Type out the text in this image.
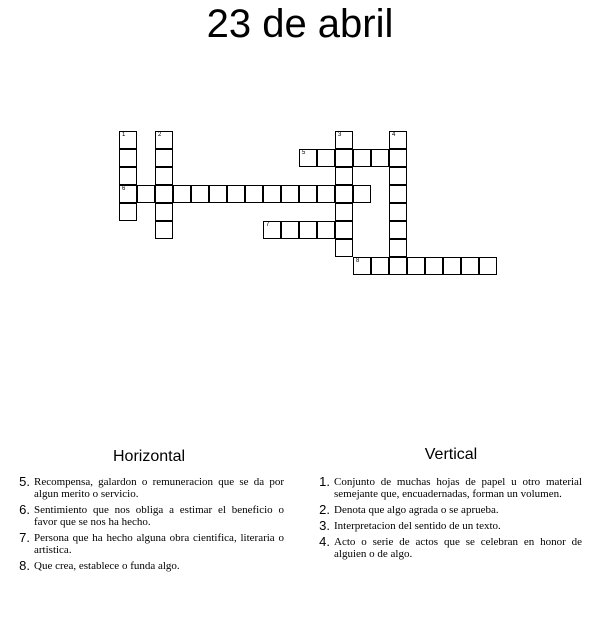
23 de abril
1
6
2
5
3	4
7
8
Horizontal
5. Recompensa, galardon o remuneracion que se da por algun merito o servicio.
6. Sentimiento que nos obliga a estimar el beneficio o favor que se nos ha hecho.
7. Persona que ha hecho alguna obra cientifica, literaria o artistica.
8. Que crea, establece o funda algo.
Vertical
1. Conjunto de muchas hojas de papel u otro material semejante que, encuadernadas, forman un volumen.
2. Denota que algo agrada o se aprueba.
3. Interpretacion del sentido de un texto.
4. Acto o serie de actos que se celebran en honor de alguien o de algo.
